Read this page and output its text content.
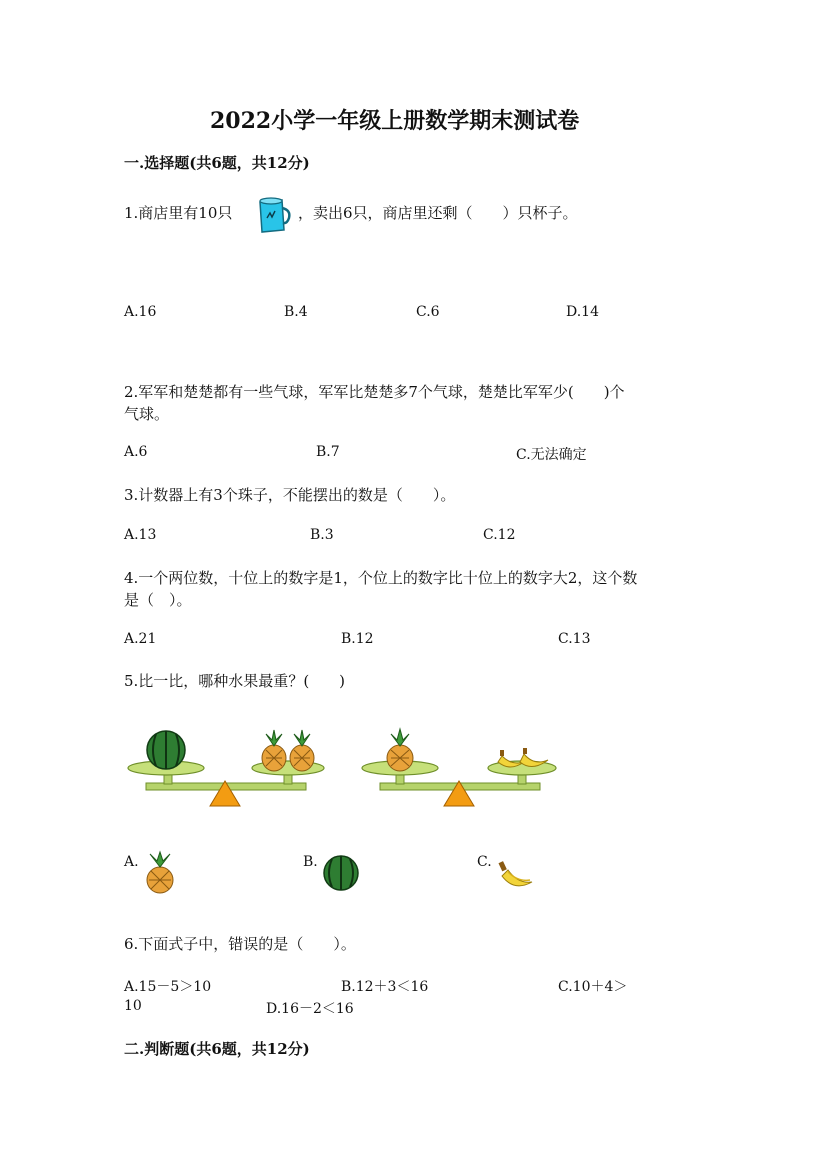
2022小学一年级上册数学期末测试卷
一.选择题(共6题，共12分)
1.商店里有10只	，卖出6只，商店里还剩（　　）只杯子。
A.16	B.4	C.6	D.14
2.军军和楚楚都有一些气球，军军比楚楚多7个气球，楚楚比军军少(　　)个
气球。
A.6	B.7	C.无法确定
3.计数器上有3个珠子，不能摆出的数是（　　）。
A.13	B.3	C.12
4.一个两位数，十位上的数字是1，个位上的数字比十位上的数字大2，这个数
是（　）。
A.21	B.12	C.13
5.比一比，哪种水果最重？(　　)
A.	B.	C.
6.下面式子中，错误的是（　　）。
A.15－5＞10	B.12＋3＜16	C.10＋4＞
10	D.16－2＜16
二.判断题(共6题，共12分)
